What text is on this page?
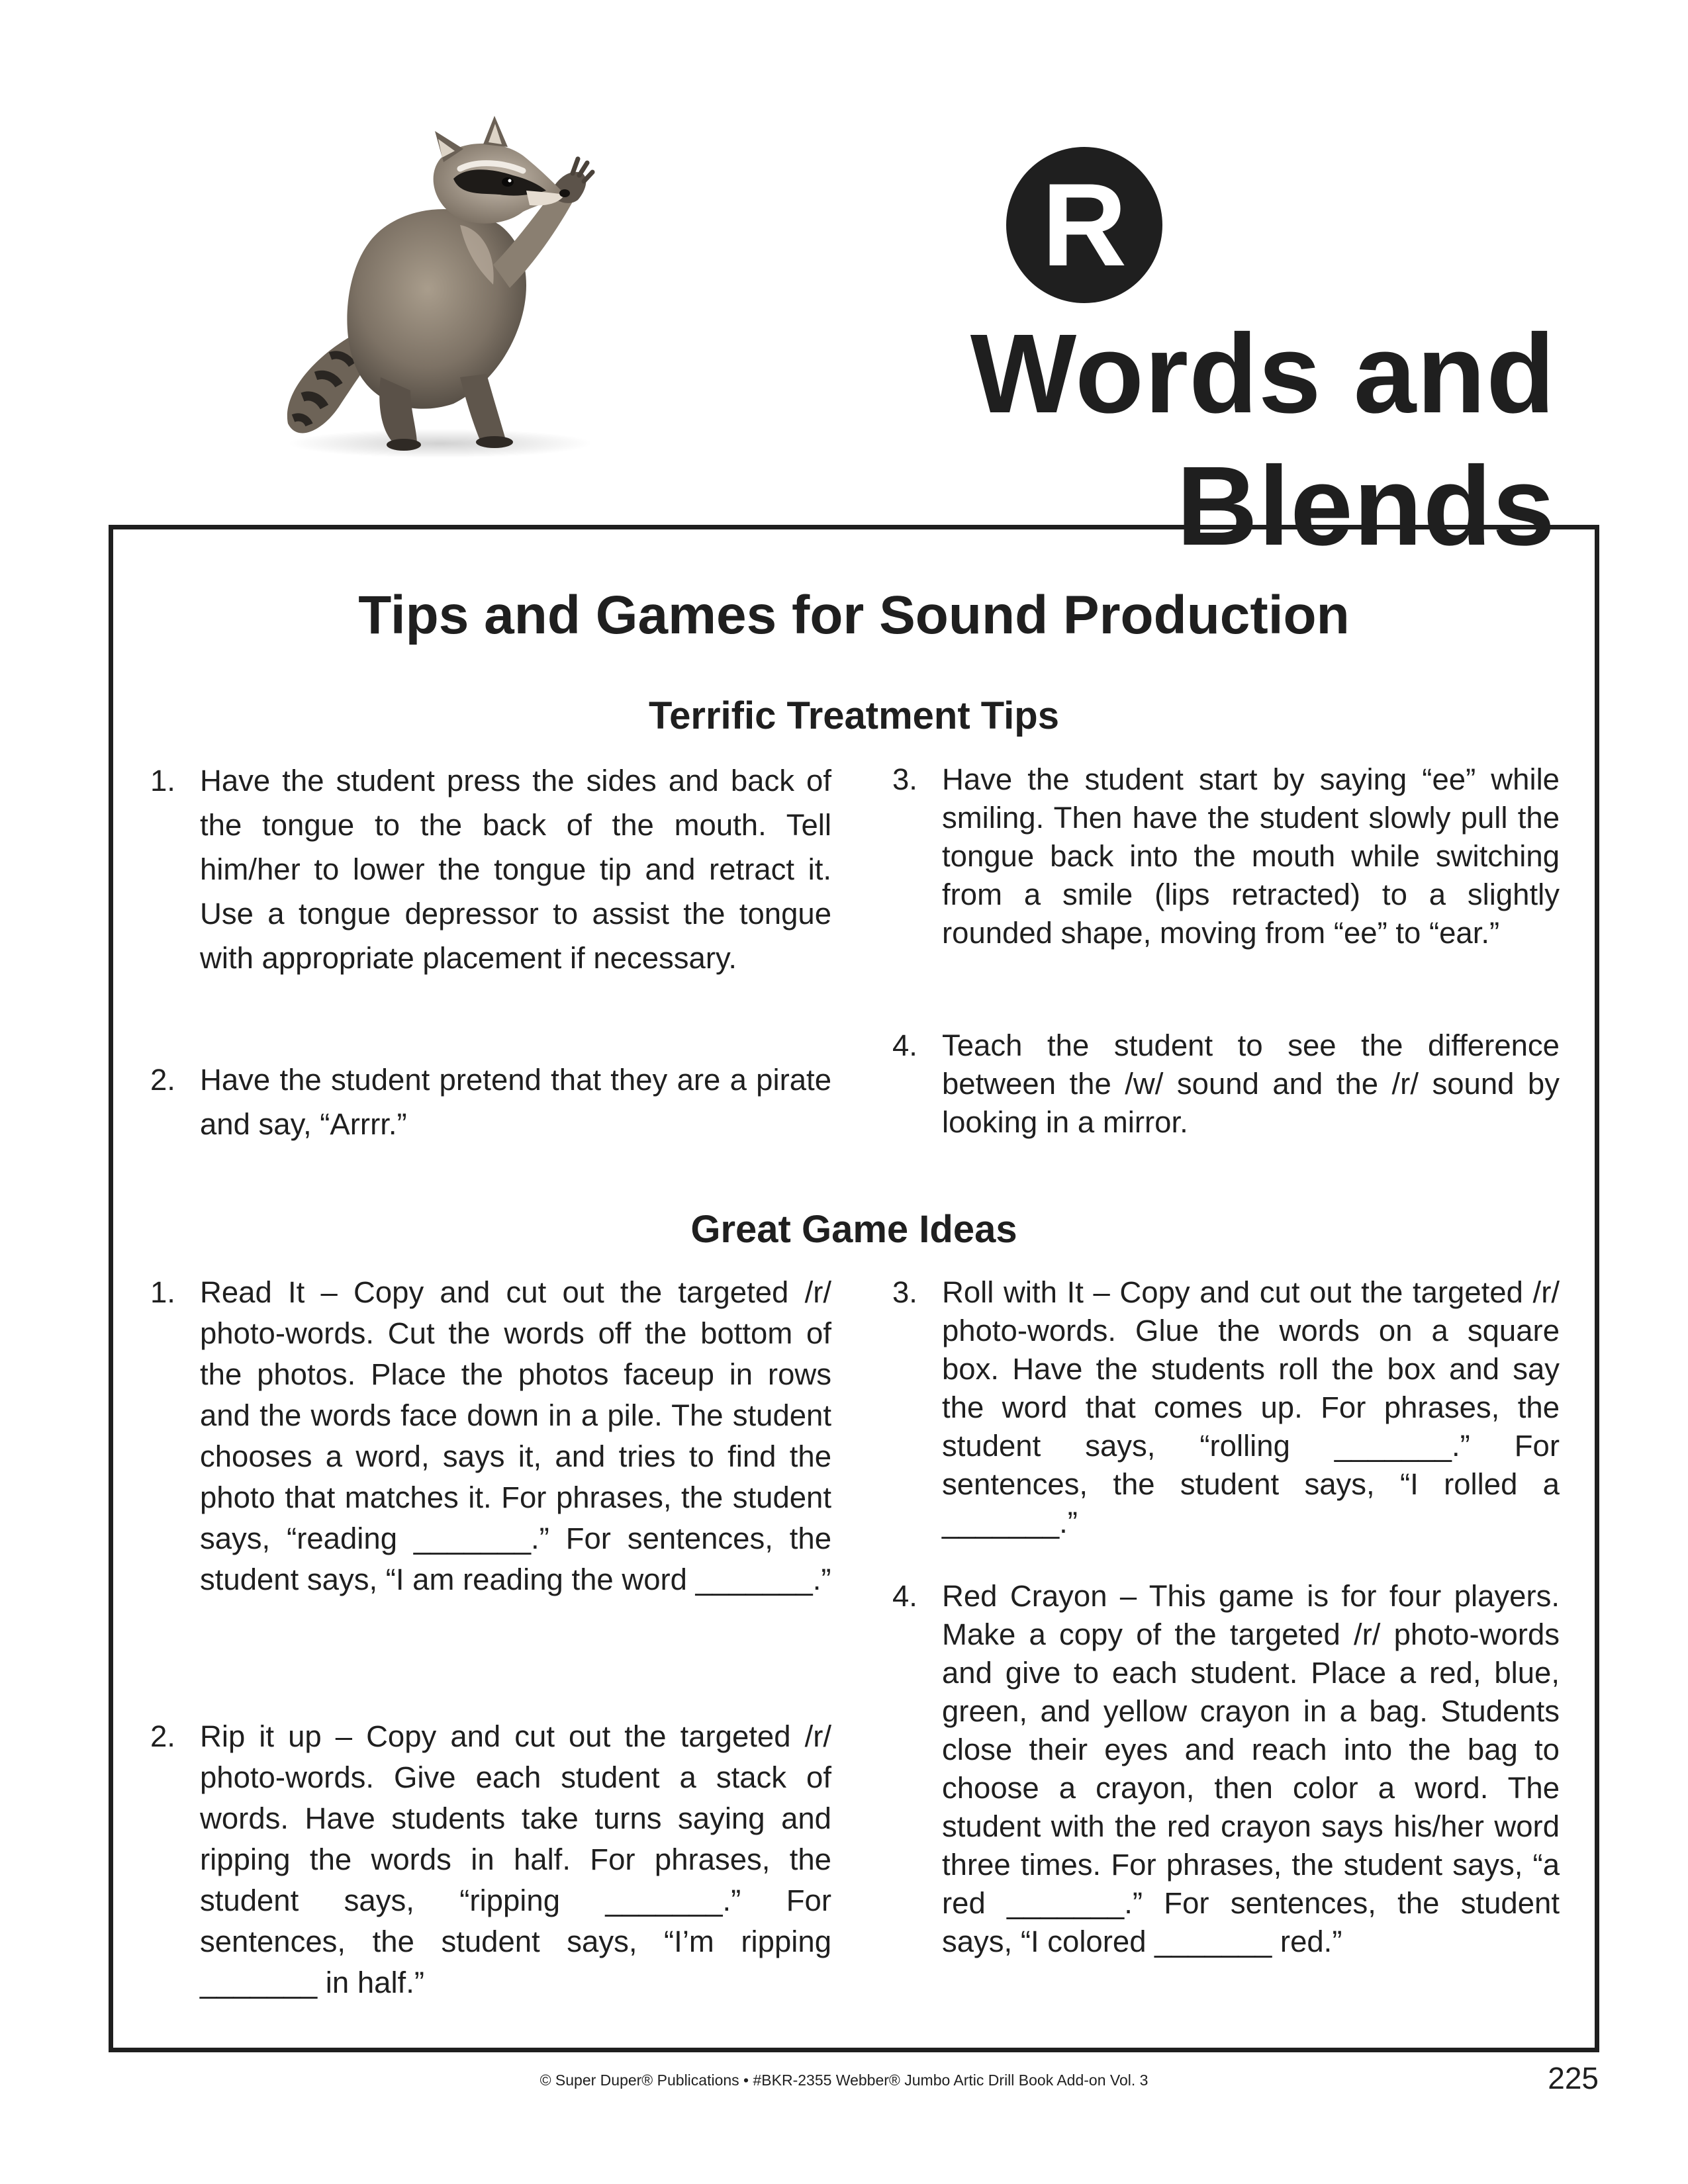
R
Words and Blends
Tips and Games for Sound Production
Terrific Treatment Tips
1. Have the student press the sides and back of the tongue to the back of the mouth. Tell him/her to lower the tongue tip and retract it. Use a tongue depressor to assist the tongue with appropriate placement if necessary.
2. Have the student pretend that they are a pirate and say, “Arrrr.”
3. Have the student start by saying “ee” while smiling. Then have the student slowly pull the tongue back into the mouth while switching from a smile (lips retracted) to a slightly rounded shape, moving from “ee” to “ear.”
4. Teach the student to see the difference between the /w/ sound and the /r/ sound by looking in a mirror.
Great Game Ideas
1. Read It – Copy and cut out the targeted /r/ photo-words. Cut the words off the bottom of the photos. Place the photos faceup in rows and the words face down in a pile. The student chooses a word, says it, and tries to find the photo that matches it. For phrases, the student says, “reading _______.” For sentences, the student says, “I am reading the word _______.”
2. Rip it up – Copy and cut out the targeted /r/ photo-words. Give each student a stack of words. Have students take turns saying and ripping the words in half. For phrases, the student says, “ripping _______.” For sentences, the student says, “I’m ripping _______ in half.”
3. Roll with It – Copy and cut out the targeted /r/ photo-words. Glue the words on a square box. Have the students roll the box and say the word that comes up. For phrases, the student says, “rolling _______.” For sentences, the student says, “I rolled a _______.”
4. Red Crayon – This game is for four players. Make a copy of the targeted /r/ photo-words and give to each student. Place a red, blue, green, and yellow crayon in a bag. Students close their eyes and reach into the bag to choose a crayon, then color a word. The student with the red crayon says his/her word three times. For phrases, the student says, “a red _______.” For sentences, the student says, “I colored _______ red.”
© Super Duper® Publications • #BKR-2355 Webber® Jumbo Artic Drill Book Add-on Vol. 3	225
